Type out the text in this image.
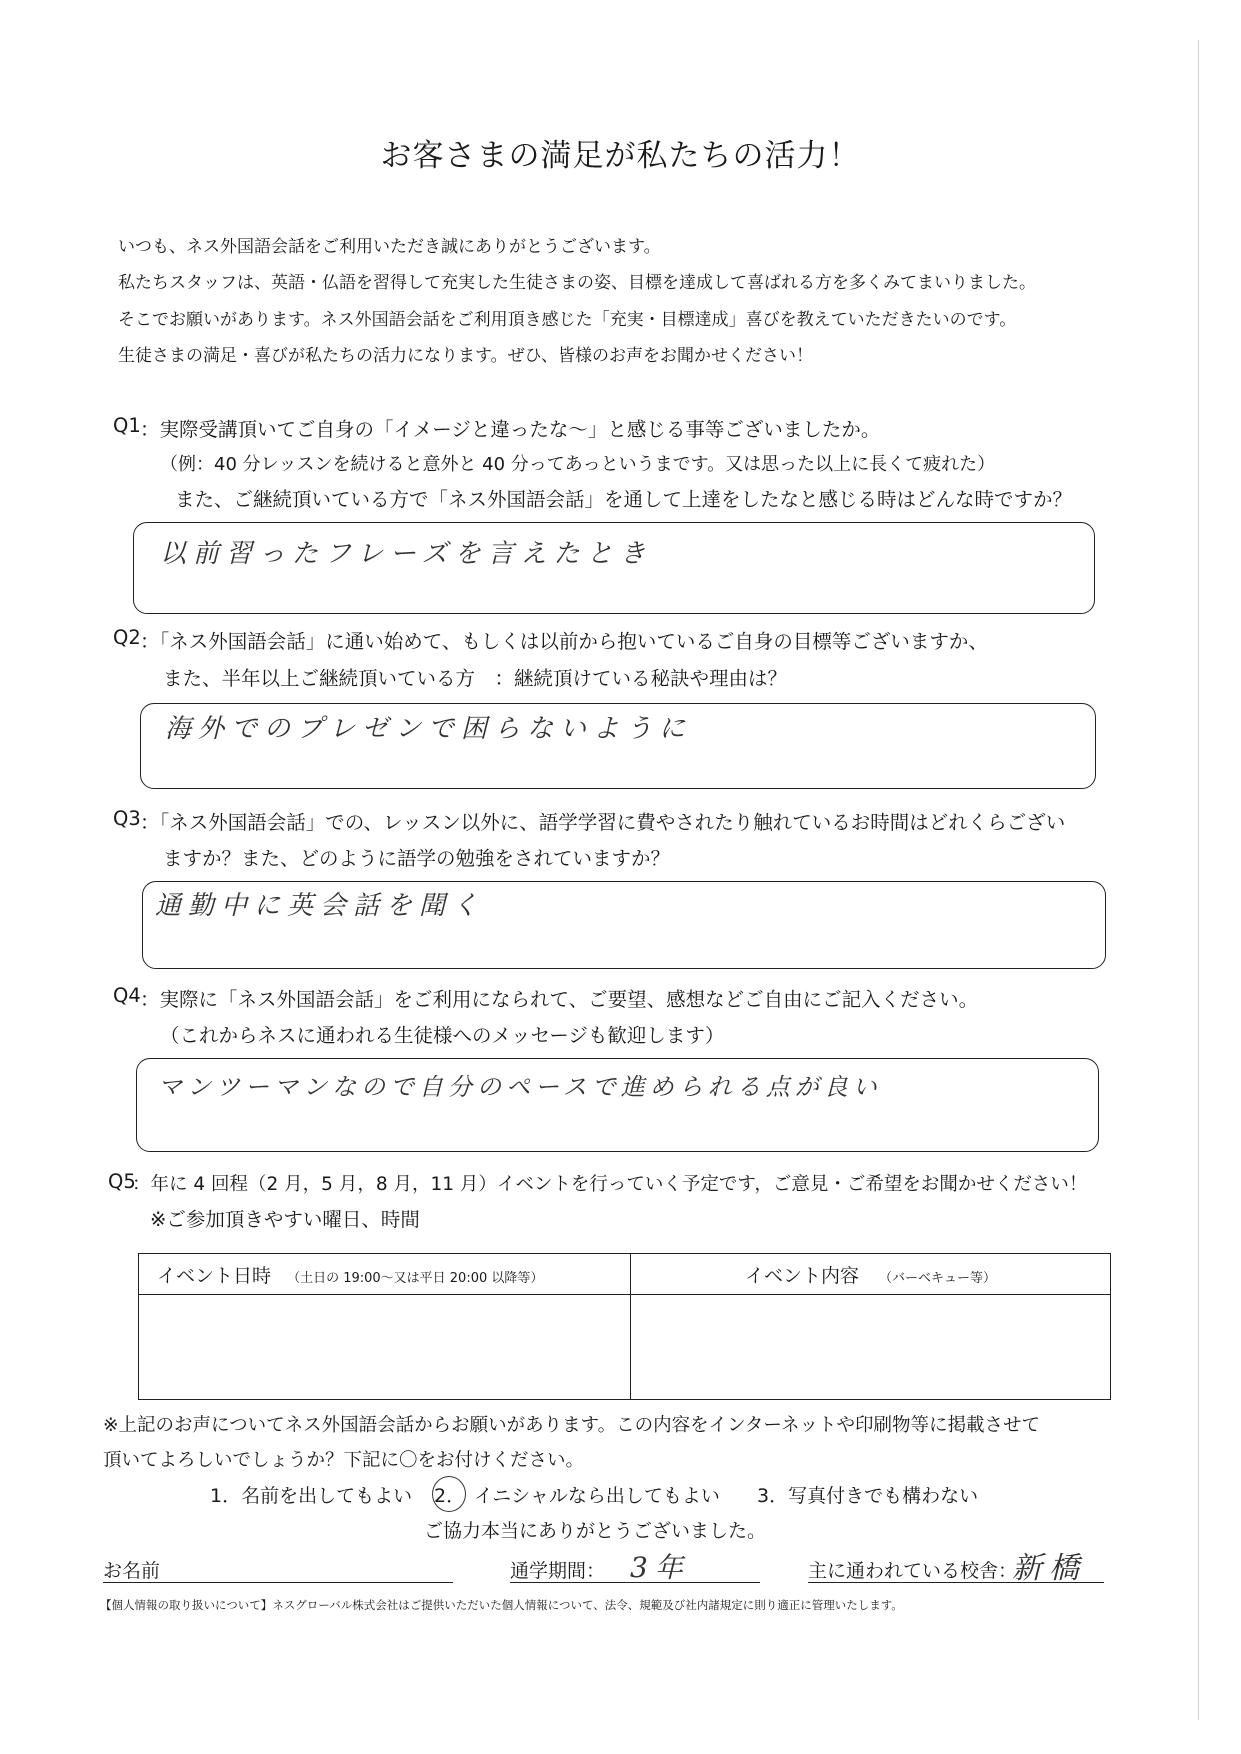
お客さまの満足が私たちの活力！
いつも、ネス外国語会話をご利用いただき誠にありがとうございます。
私たちスタッフは、英語・仏語を習得して充実した生徒さまの姿、目標を達成して喜ばれる方を多くみてまいりました。
そこでお願いがあります。ネス外国語会話をご利用頂き感じた「充実・目標達成」喜びを教えていただきたいのです。
生徒さまの満足・喜びが私たちの活力になります。ぜひ、皆様のお声をお聞かせください！
Q1 ：実際受講頂いてご自身の「イメージと違ったな～」と感じる事等ございましたか。
（例：40 分レッスンを続けると意外と 40 分ってあっというまです。又は思った以上に長くて疲れた）
また、ご継続頂いている方で「ネス外国語会話」を通して上達をしたなと感じる時はどんな時ですか？
以前習ったフレーズを言えたとき
Q2 ：「ネス外国語会話」に通い始めて、もしくは以前から抱いているご自身の目標等ございますか、
また、半年以上ご継続頂いている方　：継続頂けている秘訣や理由は？
海外でのプレゼンで困らないように
Q3 ：「ネス外国語会話」での、レッスン以外に、語学学習に費やされたり触れているお時間はどれくらござい
ますか？また、どのように語学の勉強をされていますか？
通勤中に英会話を聞く
Q4 ：実際に「ネス外国語会話」をご利用になられて、ご要望、感想などご自由にご記入ください。
（これからネスに通われる生徒様へのメッセージも歓迎します）
マンツーマンなので自分のペースで進められる点が良い
Q5
：年に 4 回程（2 月，5 月，8 月，11 月）イベントを行っていく予定です，ご意見・ご希望をお聞かせください！
※ご参加頂きやすい曜日、時間
イベント日時 （土日の 19:00～又は平日 20:00 以降等）	イベント内容 （バーベキュー等）

※上記のお声についてネス外国語会話からお願いがあります。この内容をインターネットや印刷物等に掲載させて
頂いてよろしいでしょうか？下記に〇をお付けください。
1．名前を出してもよい 2． イニシャルなら出してもよい 3．写真付きでも構わない
ご協力本当にありがとうございました。
お名前	通学期間： 3年	主に通われている校舎：
新橋
【個人情報の取り扱いについて】ネスグローバル株式会社はご提供いただいた個人情報について、法令、規範及び社内諸規定に則り適正に管理いたします。
